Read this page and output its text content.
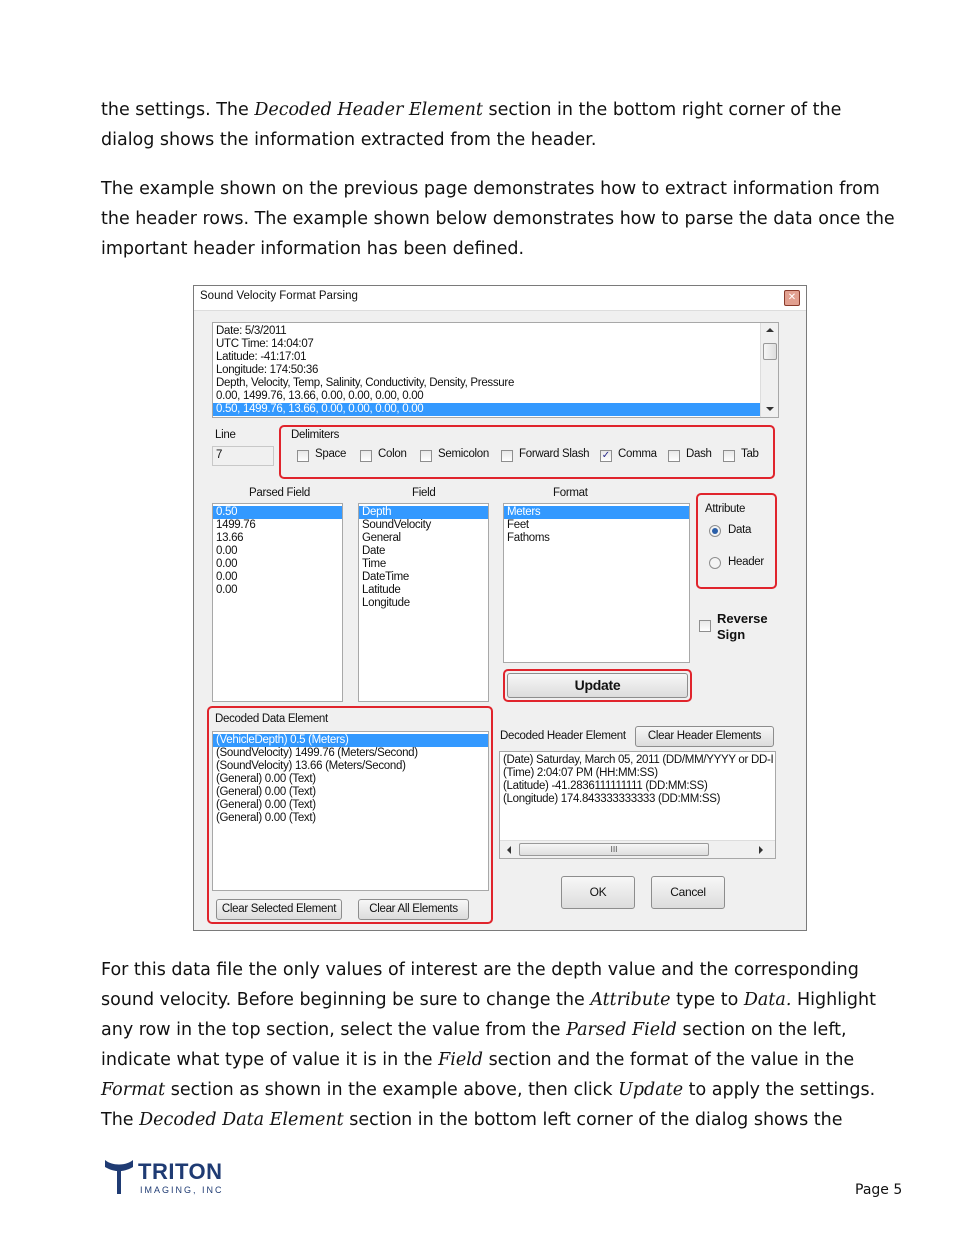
the settings. The Decoded Header Element section in the bottom right corner of the
dialog shows the information extracted from the header.

The example shown on the previous page demonstrates how to extract information from
the header rows. The example shown below demonstrates how to parse the data once the
important header information has been defined.

Sound Velocity Format Parsing	✕
Date: 5/3/2011
UTC Time: 14:04:07
Latitude: -41:17:01
Longitude: 174:50:36
Depth, Velocity, Temp, Salinity, Conductivity, Density, Pressure
0.00, 1499.76, 13.66, 0.00, 0.00, 0.00, 0.00
0.50, 1499.76, 13.66, 0.00, 0.00, 0.00, 0.00
Line
7
Delimiters
Space	Colon	Semicolon	Forward Slash ✓ Comma	Dash	Tab
Parsed Field	Field	Format
0.50
1499.76
13.66
0.00
0.00
0.00
0.00
Depth
SoundVelocity
General
Date
Time
DateTime
Latitude
Longitude
Meters
Feet
Fathoms
Attribute
Data
Header
Reverse
Sign
Update
Decoded Data Element
(VehicleDepth) 0.5 (Meters)
(SoundVelocity) 1499.76 (Meters/Second)
(SoundVelocity) 13.66 (Meters/Second)
(General) 0.00 (Text)
(General) 0.00 (Text)
(General) 0.00 (Text)
(General) 0.00 (Text)
Clear Selected Element	Clear All Elements
Decoded Header Element	Clear Header Elements
(Date) Saturday, March 05, 2011 (DD/MM/YYYY or DD-I
(Time) 2:04:07 PM (HH:MM:SS)
(Latitude) -41.2836111111111 (DD:MM:SS)
(Longitude) 174.843333333333 (DD:MM:SS)
III
OK	Cancel

For this data file the only values of interest are the depth value and the corresponding
sound velocity. Before beginning be sure to change the Attribute type to Data. Highlight
any row in the top section, select the value from the Parsed Field section on the left,
indicate what type of value it is in the Field section and the format of the value in the
Format section as shown in the example above, then click Update to apply the settings.
The Decoded Data Element section in the bottom left corner of the dialog shows the

TRITON
IMAGING, INC	Page 5
